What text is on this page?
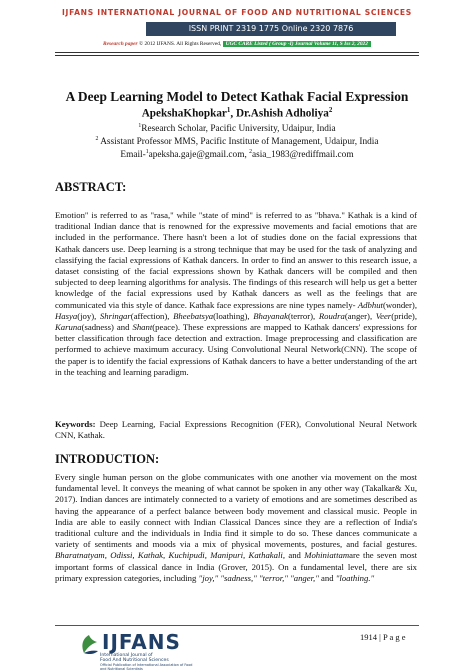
IJFANS INTERNATIONAL JOURNAL OF FOOD AND NUTRITIONAL SCIENCES
ISSN PRINT 2319 1775 Online 2320 7876
Research paper © 2012 IJFANS. All Rights Reserved, UGC CARE Listed ( Group -I) Journal Volume 11, S Iss 2, 2022
A Deep Learning Model to Detect Kathak Facial Expression
ApekshaKhopkar$^1$, Dr.Ashish Adholiya$^2$
$^1$Research Scholar, Pacific University, Udaipur, India
$^2$ Assistant Professor MMS, Pacific Institute of Management, Udaipur, India
Email-$^1$apeksha.gaje@gmail.com, $^2$asia_1983@rediffmail.com
ABSTRACT:
Emotion" is referred to as "rasa," while "state of mind" is referred to as "bhava." Kathak is a kind of traditional Indian dance that is renowned for the expressive movements and facial emotions that are included in the performance. There hasn't been a lot of studies done on the facial expressions that Kathak dancers use. Deep learning is a strong technique that may be used for the task of analyzing and classifying the facial expressions of Kathak dancers. In order to find an answer to this research issue, a dataset consisting of the facial expressions shown by Kathak dancers will be compiled and then subjected to deep learning algorithms for analysis. The findings of this research will help us get a better knowledge of the facial expressions used by Kathak dancers as well as the feelings that are communicated via this style of dance. Kathak face expressions are nine types namely- Adbhut(wonder), Hasya(joy), Shringar(affection), Bheebatsya(loathing), Bhayanak(terror), Roudra(anger), Veer(pride), Karuna(sadness) and Shant(peace). These expressions are mapped to Kathak dancers' expressions for better classification through face detection and extraction. Image preprocessing and classification are performed to achieve maximum accuracy. Using Convolutional Neural Network(CNN). The scope of the paper is to identify the facial expressions of Kathak dancers to have a better understanding of the art in the teaching and learning paradigm.
Keywords: Deep Learning, Facial Expressions Recognition (FER), Convolutional Neural Network CNN, Kathak.
INTRODUCTION:
Every single human person on the globe communicates with one another via movement on the most fundamental level. It conveys the meaning of what cannot be spoken in any other way (Takalkar& Xu, 2017). Indian dances are intimately connected to a variety of emotions and are sometimes described as having the appearance of a perfect balance between body movement and classical music. People in India are able to easily connect with Indian Classical Dances since they are a reflection of India's traditional culture and the individuals in India find it simple to do so. These dances communicate a variety of sentiments and moods via a mix of physical movements, postures, and facial gestures. Bharatnatyam, Odissi, Kathak, Kuchipudi, Manipuri, Kathakali, and Mohiniattamare the seven most important forms of classical dance in India (Grover, 2015). On a fundamental level, there are six primary expression categories, including "joy," "sadness," "terror," "anger," and "loathing."
IJFANS
International Journal of
Food And Nutritional Sciences
Official Publication of International Association of Food
and Nutritional Scientists
1914 | P a g e
